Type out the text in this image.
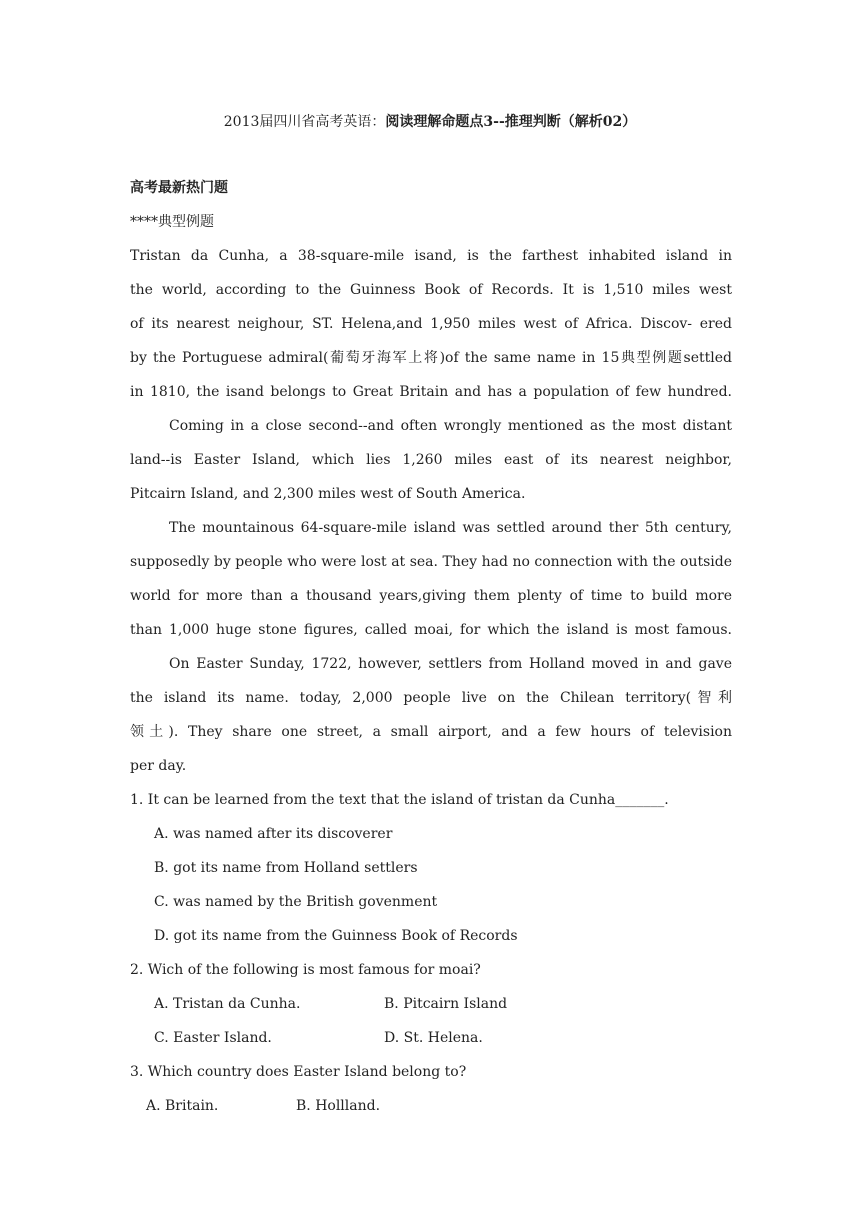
2013届四川省高考英语：阅读理解命题点3--推理判断（解析02）
高考最新热门题
****典型例题
Tristan da Cunha, a 38-square-mile isand, is the farthest inhabited island in
the world, according to the Guinness Book of Records. It is 1,510 miles west
of its nearest neighour, ST. Helena,and 1,950 miles west of Africa. Discov- ered
by the Portuguese admiral(葡萄牙海军上将)of the same name in 15典型例题settled
in 1810, the isand belongs to Great Britain and has a population of few hundred.
Coming in a close second--and often wrongly mentioned as the most distant
land--is Easter Island, which lies 1,260 miles east of its nearest neighbor,
Pitcairn Island, and 2,300 miles west of South America.
The mountainous 64-square-mile island was settled around ther 5th century,
supposedly by people who were lost at sea. They had no connection with the outside
world for more than a thousand years,giving them plenty of time to build more
than 1,000 huge stone figures, called moai, for which the island is most famous.
On Easter Sunday, 1722, however, settlers from Holland moved in and gave
the island its name. today, 2,000 people live on the Chilean territory(智利
领土). They share one street, a small airport, and a few hours of television
per day.
1. It can be learned from the text that the island of tristan da Cunha_______.
A. was named after its discoverer
B. got its name from Holland settlers
C. was named by the British govenment
D. got its name from the Guinness Book of Records
2. Wich of the following is most famous for moai?
A. Tristan da Cunha.	B. Pitcairn Island
C. Easter Island.	D. St. Helena.
3. Which country does Easter Island belong to?
A. Britain.	B. Hollland.
